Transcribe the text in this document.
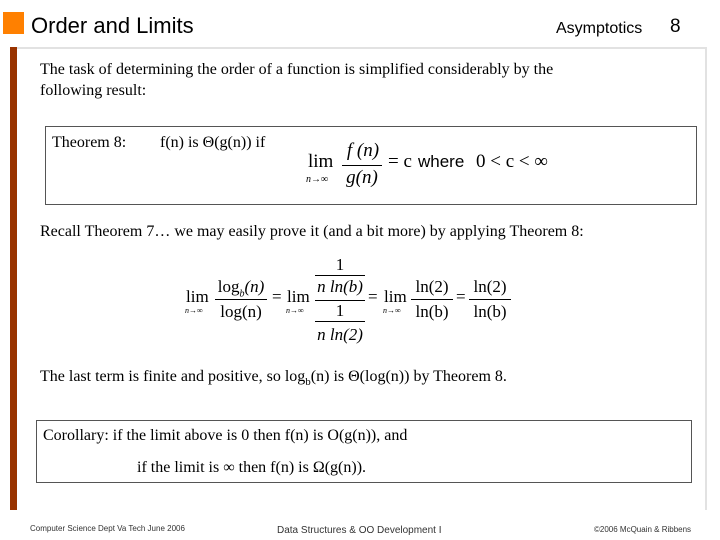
Order and Limits	Asymptotics 8
The task of determining the order of a function is simplified considerably by the
following result:
Theorem 8: f(n) is Θ(g(n)) if
lim
n→∞
f (n)
g(n)
= c where 0 < c < ∞
Recall Theorem 7… we may easily prove it (and a bit more) by applying Theorem 8:
lim
n→∞
$\log_b(n)$
log(n)
= lim
n→∞
1
n ln(b)
1
n ln(2)
= lim
n→∞
ln(2)
ln(b)
=
ln(2)
ln(b)
The last term is finite and positive, so $\log_b(n)$ is Θ(log(n)) by Theorem 8.
Corollary: if the limit above is 0 then f(n) is O(g(n)), and
if the limit is ∞ then f(n) is Ω(g(n)).
Computer Science Dept Va Tech June 2006	Data Structures & OO Development I	©2006 McQuain & Ribbens
